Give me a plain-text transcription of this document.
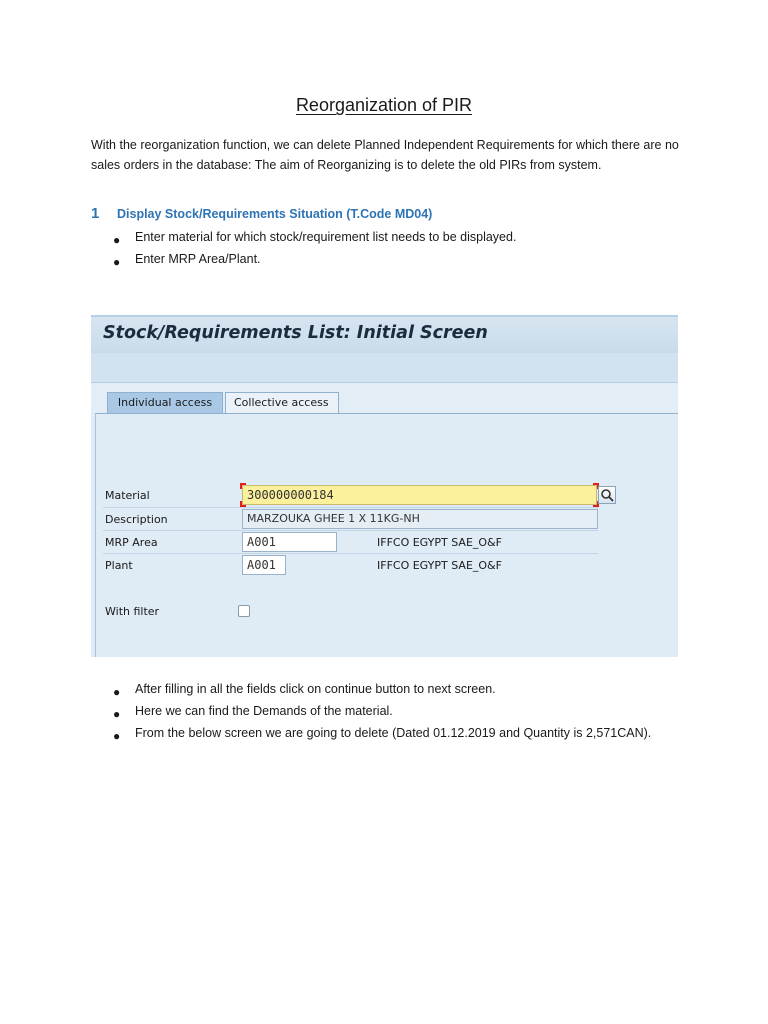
Reorganization of PIR

With the reorganization function, we can delete Planned Independent Requirements for which there are no sales orders in the database: The aim of Reorganizing is to delete the old PIRs from system.

1 Display Stock/Requirements Situation (T.Code MD04)
● Enter material for which stock/requirement list needs to be displayed.
● Enter MRP Area/Plant.
Stock/Requirements List: Initial Screen
Individual access	Collective access
Material	300000000184
Description	MARZOUKA GHEE 1 X 11KG-NH
MRP Area	A001	IFFCO EGYPT SAE_O&F
Plant	A001	IFFCO EGYPT SAE_O&F
With filter
● After filling in all the fields click on continue button to next screen.
● Here we can find the Demands of the material.
● From the below screen we are going to delete (Dated 01.12.2019 and Quantity is 2,571CAN).
